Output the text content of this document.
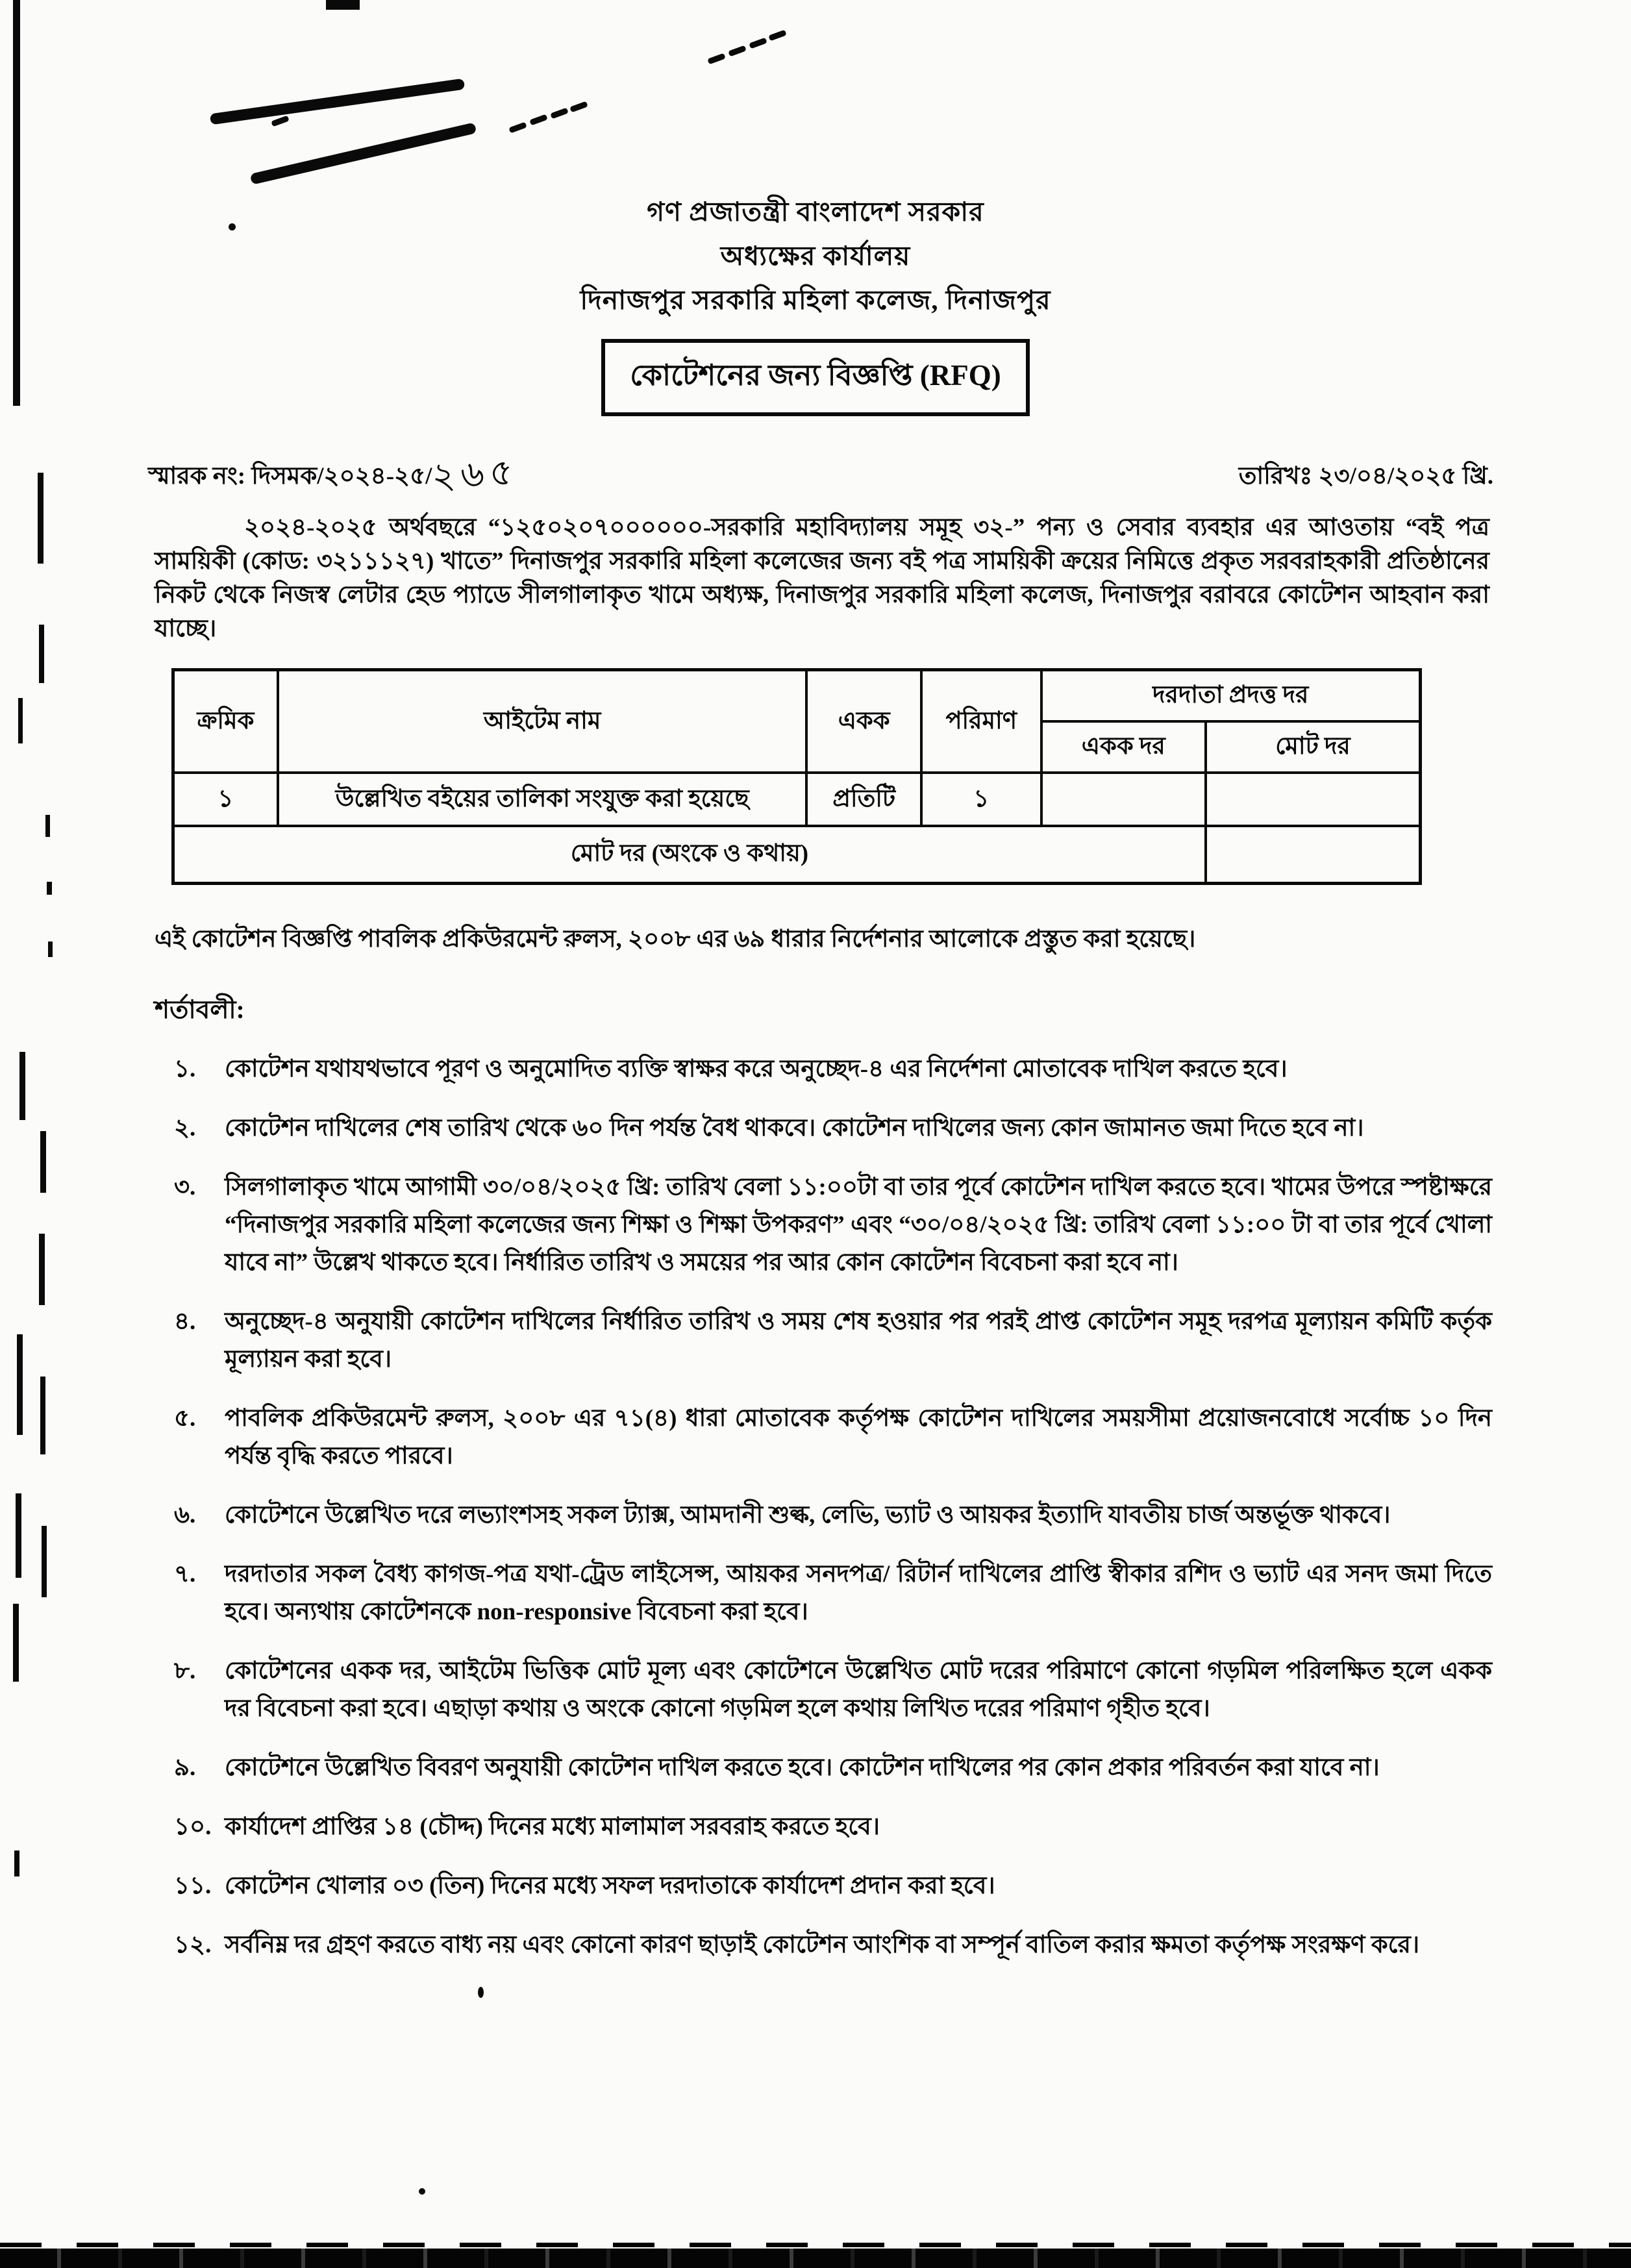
গণ প্রজাতন্ত্রী বাংলাদেশ সরকার
অধ্যক্ষের কার্যালয়
দিনাজপুর সরকারি মহিলা কলেজ, দিনাজপুর
কোটেশনের জন্য বিজ্ঞপ্তি (RFQ)
স্মারক নং: দিসমক/২০২৪-২৫/২৬৫	তারিখঃ ২৩/০৪/২০২৫ খ্রি.
২০২৪-২০২৫ অর্থবছরে “১২৫০২০৭০০০০০০-সরকারি মহাবিদ্যালয় সমূহ ৩২-” পন্য ও সেবার ব্যবহার এর আওতায় “বই পত্র সাময়িকী (কোড: ৩২১১১২৭) খাতে” দিনাজপুর সরকারি মহিলা কলেজের জন্য বই পত্র সাময়িকী ক্রয়ের নিমিত্তে প্রকৃত সরবরাহকারী প্রতিষ্ঠানের নিকট থেকে নিজস্ব লেটার হেড প্যাডে সীলগালাকৃত খামে অধ্যক্ষ, দিনাজপুর সরকারি মহিলা কলেজ, দিনাজপুর বরাবরে কোটেশন আহবান করা যাচ্ছে।
ক্রমিক	আইটেম নাম	একক	পরিমাণ	দরদাতা প্রদত্ত দর	
				একক দর	মোট দর
১	উল্লেখিত বইয়ের তালিকা সংযুক্ত করা হয়েছে	প্রতিটি	১		
মোট দর (অংকে ও কথায়)					
এই কোটেশন বিজ্ঞপ্তি পাবলিক প্রকিউরমেন্ট রুলস, ২০০৮ এর ৬৯ ধারার নির্দেশনার আলোকে প্রস্তুত করা হয়েছে।
শর্তাবলী:
১.	কোটেশন যথাযথভাবে পূরণ ও অনুমোদিত ব্যক্তি স্বাক্ষর করে অনুচ্ছেদ-৪ এর নির্দেশনা মোতাবেক দাখিল করতে হবে।
২.	কোটেশন দাখিলের শেষ তারিখ থেকে ৬০ দিন পর্যন্ত বৈধ থাকবে। কোটেশন দাখিলের জন্য কোন জামানত জমা দিতে হবে না।
৩.	সিলগালাকৃত খামে আগামী ৩০/০৪/২০২৫ খ্রি: তারিখ বেলা ১১:০০টা বা তার পূর্বে কোটেশন দাখিল করতে হবে। খামের উপরে স্পষ্টাক্ষরে “দিনাজপুর সরকারি মহিলা কলেজের জন্য শিক্ষা ও শিক্ষা উপকরণ” এবং “৩০/০৪/২০২৫ খ্রি: তারিখ বেলা ১১:০০ টা বা তার পূর্বে খোলা যাবে না” উল্লেখ থাকতে হবে। নির্ধারিত তারিখ ও সময়ের পর আর কোন কোটেশন বিবেচনা করা হবে না।
৪.	অনুচ্ছেদ-৪ অনুযায়ী কোটেশন দাখিলের নির্ধারিত তারিখ ও সময় শেষ হওয়ার পর পরই প্রাপ্ত কোটেশন সমূহ দরপত্র মূল্যায়ন কমিটি কর্তৃক মূল্যায়ন করা হবে।
৫.	পাবলিক প্রকিউরমেন্ট রুলস, ২০০৮ এর ৭১(৪) ধারা মোতাবেক কর্তৃপক্ষ কোটেশন দাখিলের সময়সীমা প্রয়োজনবোধে সর্বোচ্চ ১০ দিন পর্যন্ত বৃদ্ধি করতে পারবে।
৬.	কোটেশনে উল্লেখিত দরে লভ্যাংশসহ সকল ট্যাক্স, আমদানী শুল্ক, লেভি, ভ্যাট ও আয়কর ইত্যাদি যাবতীয় চার্জ অন্তর্ভূক্ত থাকবে।
৭.	দরদাতার সকল বৈধ্য কাগজ-পত্র যথা-ট্রেড লাইসেন্স, আয়কর সনদপত্র/ রিটার্ন দাখিলের প্রাপ্তি স্বীকার রশিদ ও ভ্যাট এর সনদ জমা দিতে হবে। অন্যথায় কোটেশনকে non-responsive বিবেচনা করা হবে।
৮.	কোটেশনের একক দর, আইটেম ভিত্তিক মোট মূল্য এবং কোটেশনে উল্লেখিত মোট দরের পরিমাণে কোনো গড়মিল পরিলক্ষিত হলে একক দর বিবেচনা করা হবে। এছাড়া কথায় ও অংকে কোনো গড়মিল হলে কথায় লিখিত দরের পরিমাণ গৃহীত হবে।
৯.	কোটেশনে উল্লেখিত বিবরণ অনুযায়ী কোটেশন দাখিল করতে হবে। কোটেশন দাখিলের পর কোন প্রকার পরিবর্তন করা যাবে না।
১০. কার্যাদেশ প্রাপ্তির ১৪ (চৌদ্দ) দিনের মধ্যে মালামাল সরবরাহ করতে হবে।
১১. কোটেশন খোলার ০৩ (তিন) দিনের মধ্যে সফল দরদাতাকে কার্যাদেশ প্রদান করা হবে।
১২. সর্বনিম্ন দর গ্রহণ করতে বাধ্য নয় এবং কোনো কারণ ছাড়াই কোটেশন আংশিক বা সম্পূর্ন বাতিল করার ক্ষমতা কর্তৃপক্ষ সংরক্ষণ করে।
